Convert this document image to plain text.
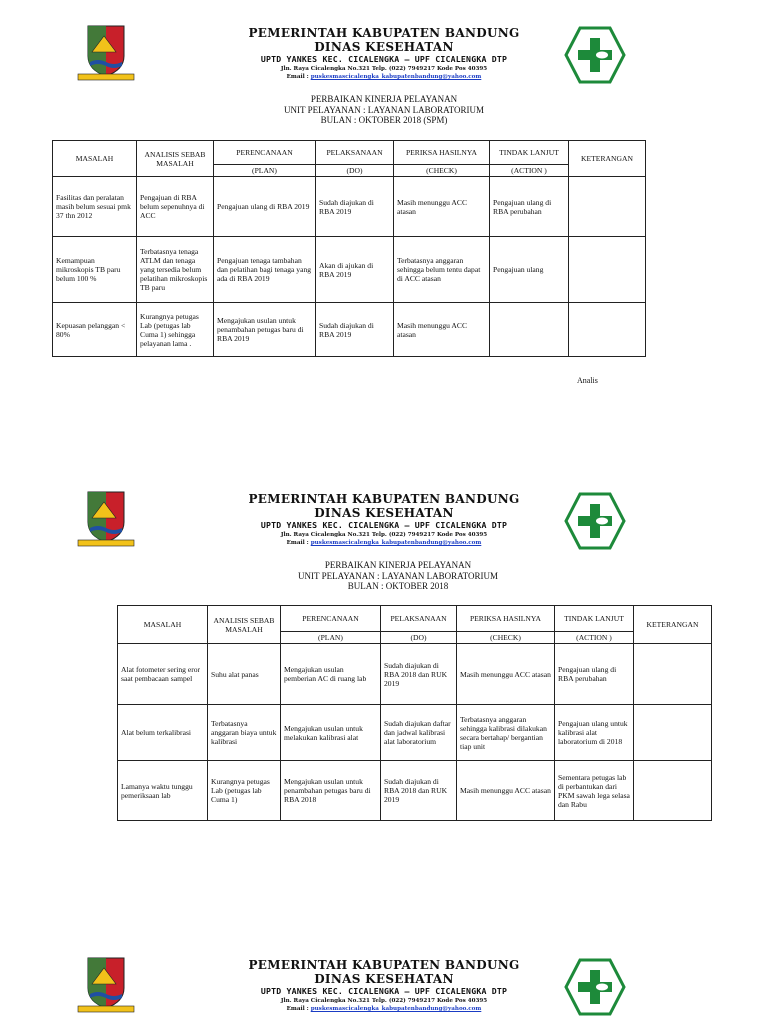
PEMERINTAH KABUPATEN BANDUNG
DINAS KESEHATAN
UPTD YANKES KEC. CICALENGKA – UPF CICALENGKA DTP
Jln. Raya Cicalengka No.321 Telp. (022) 7949217 Kode Pos 40395
Email : puskesmascicalengka_kabupatenbandung@yahoo.com
PERBAIKAN KINERJA PELAYANAN
UNIT PELAYANAN : LAYANAN LABORATORIUM
BULAN : OKTOBER 2018 (SPM)
MASALAH	ANALISIS SEBAB MASALAH	PERENCANAAN	PELAKSANAAN	PERIKSA HASILNYA	TINDAK LANJUT	KETERANGAN
		(PLAN)	(DO)	(CHECK)	(ACTION )	
Fasilitas dan peralatan masih belum sesuai pmk 37 thn 2012	Pengajuan di RBA belum sepenuhnya di ACC	Pengajuan ulang di RBA 2019	Sudah diajukan di RBA 2019	Masih menunggu ACC atasan	Pengajuan ulang di RBA perubahan	
Kemampuan mikroskopis TB paru belum 100 %	Terbatasnya tenaga ATLM dan tenaga yang tersedia belum pelatihan mikroskopis TB paru	Pengajuan tenaga tambahan dan pelatihan bagi tenaga yang ada di RBA 2019	Akan di ajukan di RBA 2019	Terbatasnya anggaran sehingga belum tentu dapat di ACC atasan	Pengajuan ulang	
Kepuasan pelanggan < 80%	Kurangnya petugas Lab (petugas lab Cuma 1) sehingga pelayanan lama .	Mengajukan usulan untuk penambahan petugas baru di RBA 2019	Sudah diajukan di RBA 2019	Masih menunggu ACC atasan		
Analis
PEMERINTAH KABUPATEN BANDUNG
DINAS KESEHATAN
UPTD YANKES KEC. CICALENGKA – UPF CICALENGKA DTP
Jln. Raya Cicalengka No.321 Telp. (022) 7949217 Kode Pos 40395
Email : puskesmascicalengka_kabupatenbandung@yahoo.com
PERBAIKAN KINERJA PELAYANAN
UNIT PELAYANAN : LAYANAN LABORATORIUM
BULAN : OKTOBER 2018
MASALAH	ANALISIS SEBAB MASALAH	PERENCANAAN	PELAKSANAAN	PERIKSA HASILNYA	TINDAK LANJUT	KETERANGAN
		(PLAN)	(DO)	(CHECK)	(ACTION )	
Alat fotometer sering eror saat pembacaan sampel	Suhu alat panas	Mengajukan usulan pemberian AC di ruang lab	Sudah diajukan di RBA 2018 dan RUK 2019	Masih menunggu ACC atasan	Pengajuan ulang di RBA perubahan	
Alat belum terkalibrasi	Terbatasnya anggaran biaya untuk kalibrasi	Mengajukan usulan untuk melakukan kalibrasi alat	Sudah diajukan daftar dan jadwal kalibrasi alat laboratorium	Terbatasnya anggaran sehingga kalibrasi dilakukan secara bertahap/ bergantian tiap unit	Pengajuan ulang untuk kalibrasi alat laboratorium di 2018	
Lamanya waktu tunggu pemeriksaan lab	Kurangnya petugas Lab (petugas lab Cuma 1)	Mengajukan usulan untuk penambahan petugas baru di RBA 2018	Sudah diajukan di RBA 2018 dan RUK 2019	Masih menunggu ACC atasan	Sementara petugas lab di perbantukan dari PKM sawah lega selasa dan Rabu	
PEMERINTAH KABUPATEN BANDUNG
DINAS KESEHATAN
UPTD YANKES KEC. CICALENGKA – UPF CICALENGKA DTP
Jln. Raya Cicalengka No.321 Telp. (022) 7949217 Kode Pos 40395
Email : puskesmascicalengka_kabupatenbandung@yahoo.com
